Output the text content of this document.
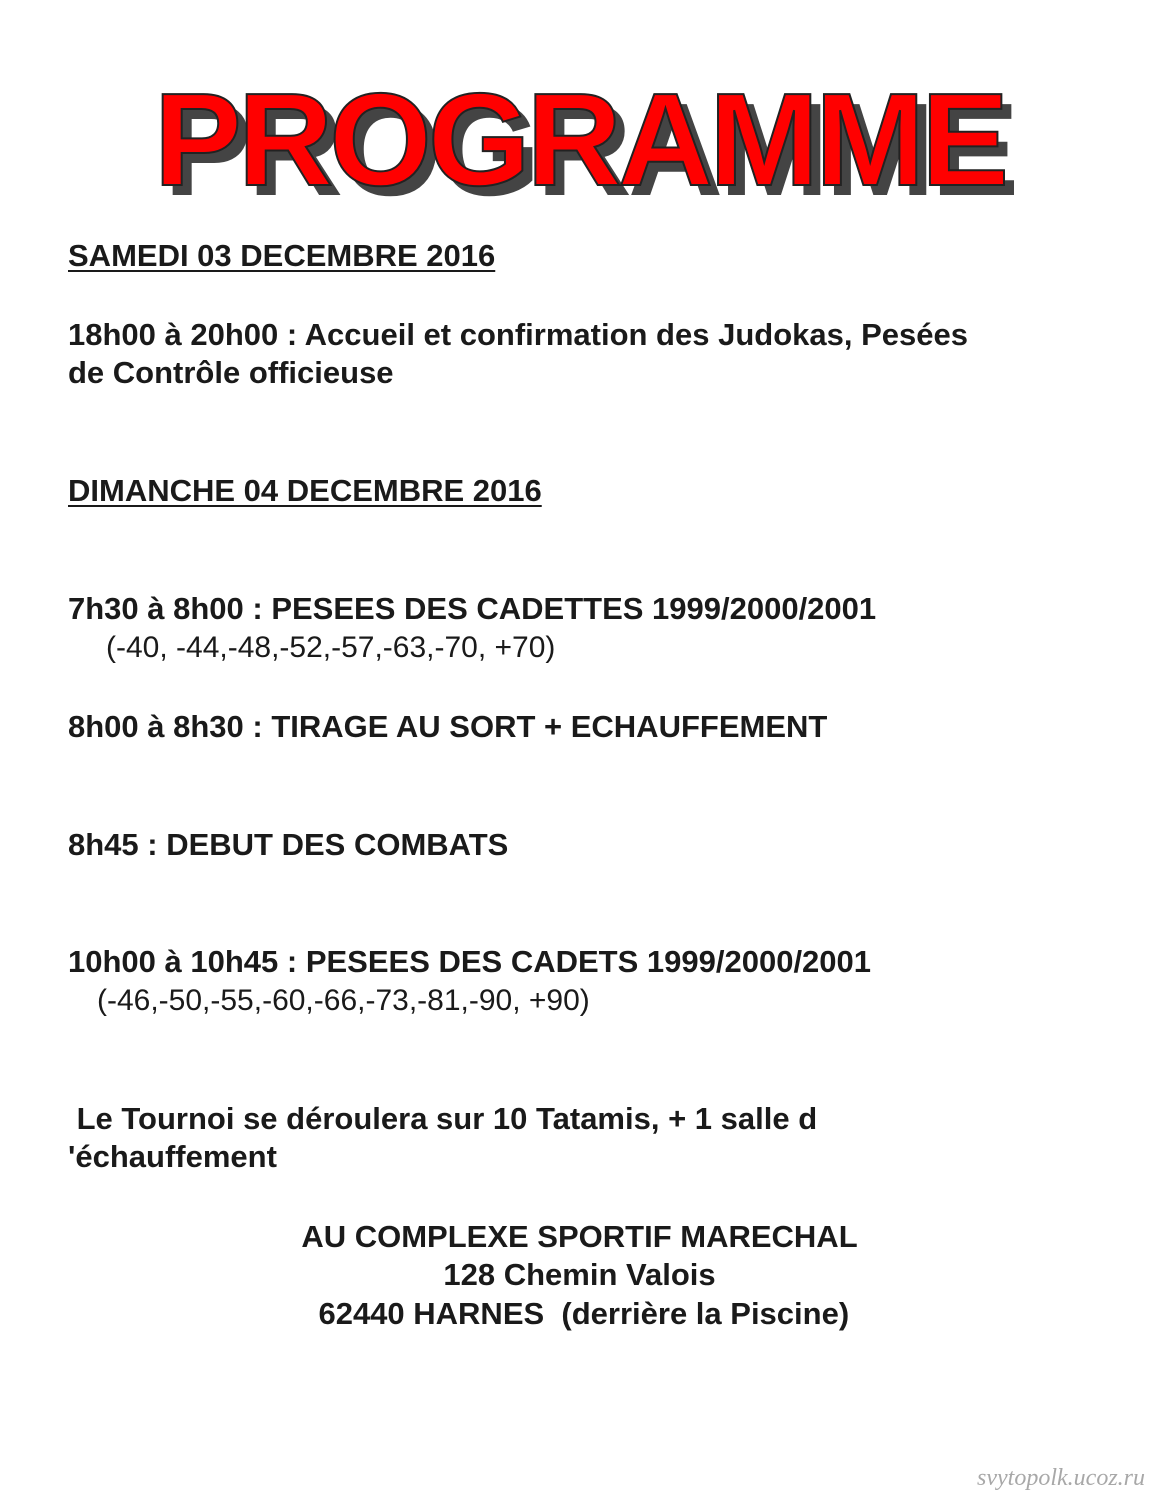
PROGRAMME
SAMEDI 03 DECEMBRE 2016
18h00 à 20h00 : Accueil et confirmation des Judokas, Pesées
de Contrôle officieuse
DIMANCHE 04 DECEMBRE 2016
7h30 à 8h00 : PESEES DES CADETTES 1999/2000/2001
(-40, -44,-48,-52,-57,-63,-70, +70)
8h00 à 8h30 : TIRAGE AU SORT + ECHAUFFEMENT
8h45 : DEBUT DES COMBATS
10h00 à 10h45 : PESEES DES CADETS 1999/2000/2001
(-46,-50,-55,-60,-66,-73,-81,-90, +90)
Le Tournoi se déroulera sur 10 Tatamis, + 1 salle d
'échauffement
AU COMPLEXE SPORTIF MARECHAL
128 Chemin Valois
62440 HARNES  (derrière la Piscine)
svytopolk.ucoz.ru
